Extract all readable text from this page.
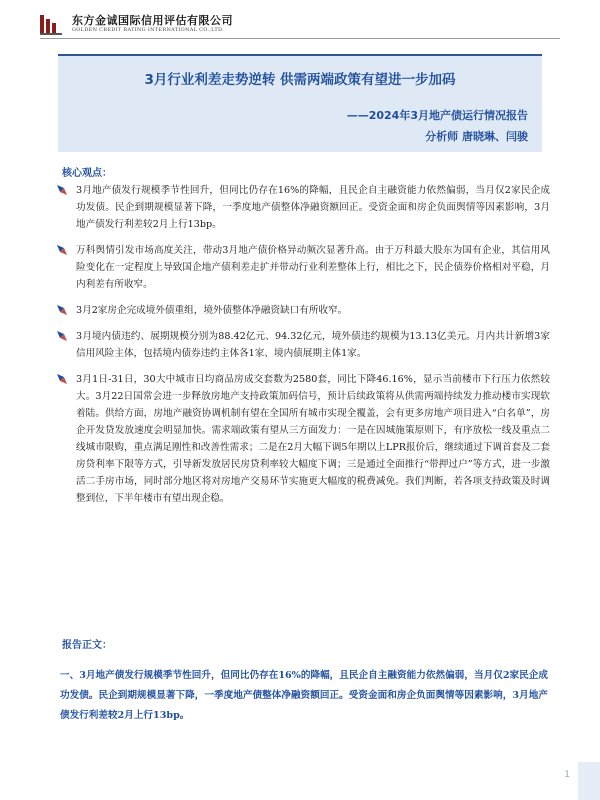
东方金诚国际信用评估有限公司
GOLDEN CREDIT RATING INTERNATIONAL CO.,LTD.
3月行业利差走势逆转 供需两端政策有望进一步加码
——2024年3月地产债运行情况报告
分析师 唐晓琳、闫骏
核心观点：
3月地产债发行规模季节性回升，但同比仍存在16%的降幅，且民企自主融资能力依然偏弱，当月仅2家民企成功发债。民企到期规模显著下降，一季度地产债整体净融资额回正。受资金面和房企负面舆情等因素影响，3月地产债发行利差较2月上行13bp。
万科舆情引发市场高度关注，带动3月地产债价格异动频次显著升高。由于万科最大股东为国有企业，其信用风险变化在一定程度上导致国企地产债利差走扩并带动行业利差整体上行，相比之下，民企债券价格相对平稳，月内利差有所收窄。
3月2家房企完成境外债重组，境外债整体净融资缺口有所收窄。
3月境内债违约、展期规模分别为88.42亿元、94.32亿元，境外债违约规模为13.13亿美元。月内共计新增3家信用风险主体，包括境内债券违约主体各1家、境内债展期主体1家。
3月1日-31日，30大中城市日均商品房成交套数为2580套，同比下降46.16%，显示当前楼市下行压力依然较大。3月22日国常会进一步释放房地产支持政策加码信号，预计后续政策将从供需两端持续发力推动楼市实现软着陆。供给方面，房地产融资协调机制有望在全国所有城市实现全覆盖，会有更多房地产项目进入“白名单”，房企开发贷发放速度会明显加快。需求端政策有望从三方面发力：一是在因城施策原则下，有序放松一线及重点二线城市限购，重点满足刚性和改善性需求；二是在2月大幅下调5年期以上LPR报价后，继续通过下调首套及二套房贷利率下限等方式，引导新发放居民房贷利率较大幅度下调；三是通过全面推行“带押过户”等方式，进一步激活二手房市场，同时部分地区将对房地产交易环节实施更大幅度的税费减免。我们判断，若各项支持政策及时调整到位，下半年楼市有望出现企稳。
报告正文：
一、3月地产债发行规模季节性回升，但同比仍存在16%的降幅，且民企自主融资能力依然偏弱，当月仅2家民企成功发债。民企到期规模显著下降，一季度地产债整体净融资额回正。受资金面和房企负面舆情等因素影响，3月地产债发行利差较2月上行13bp。
1
